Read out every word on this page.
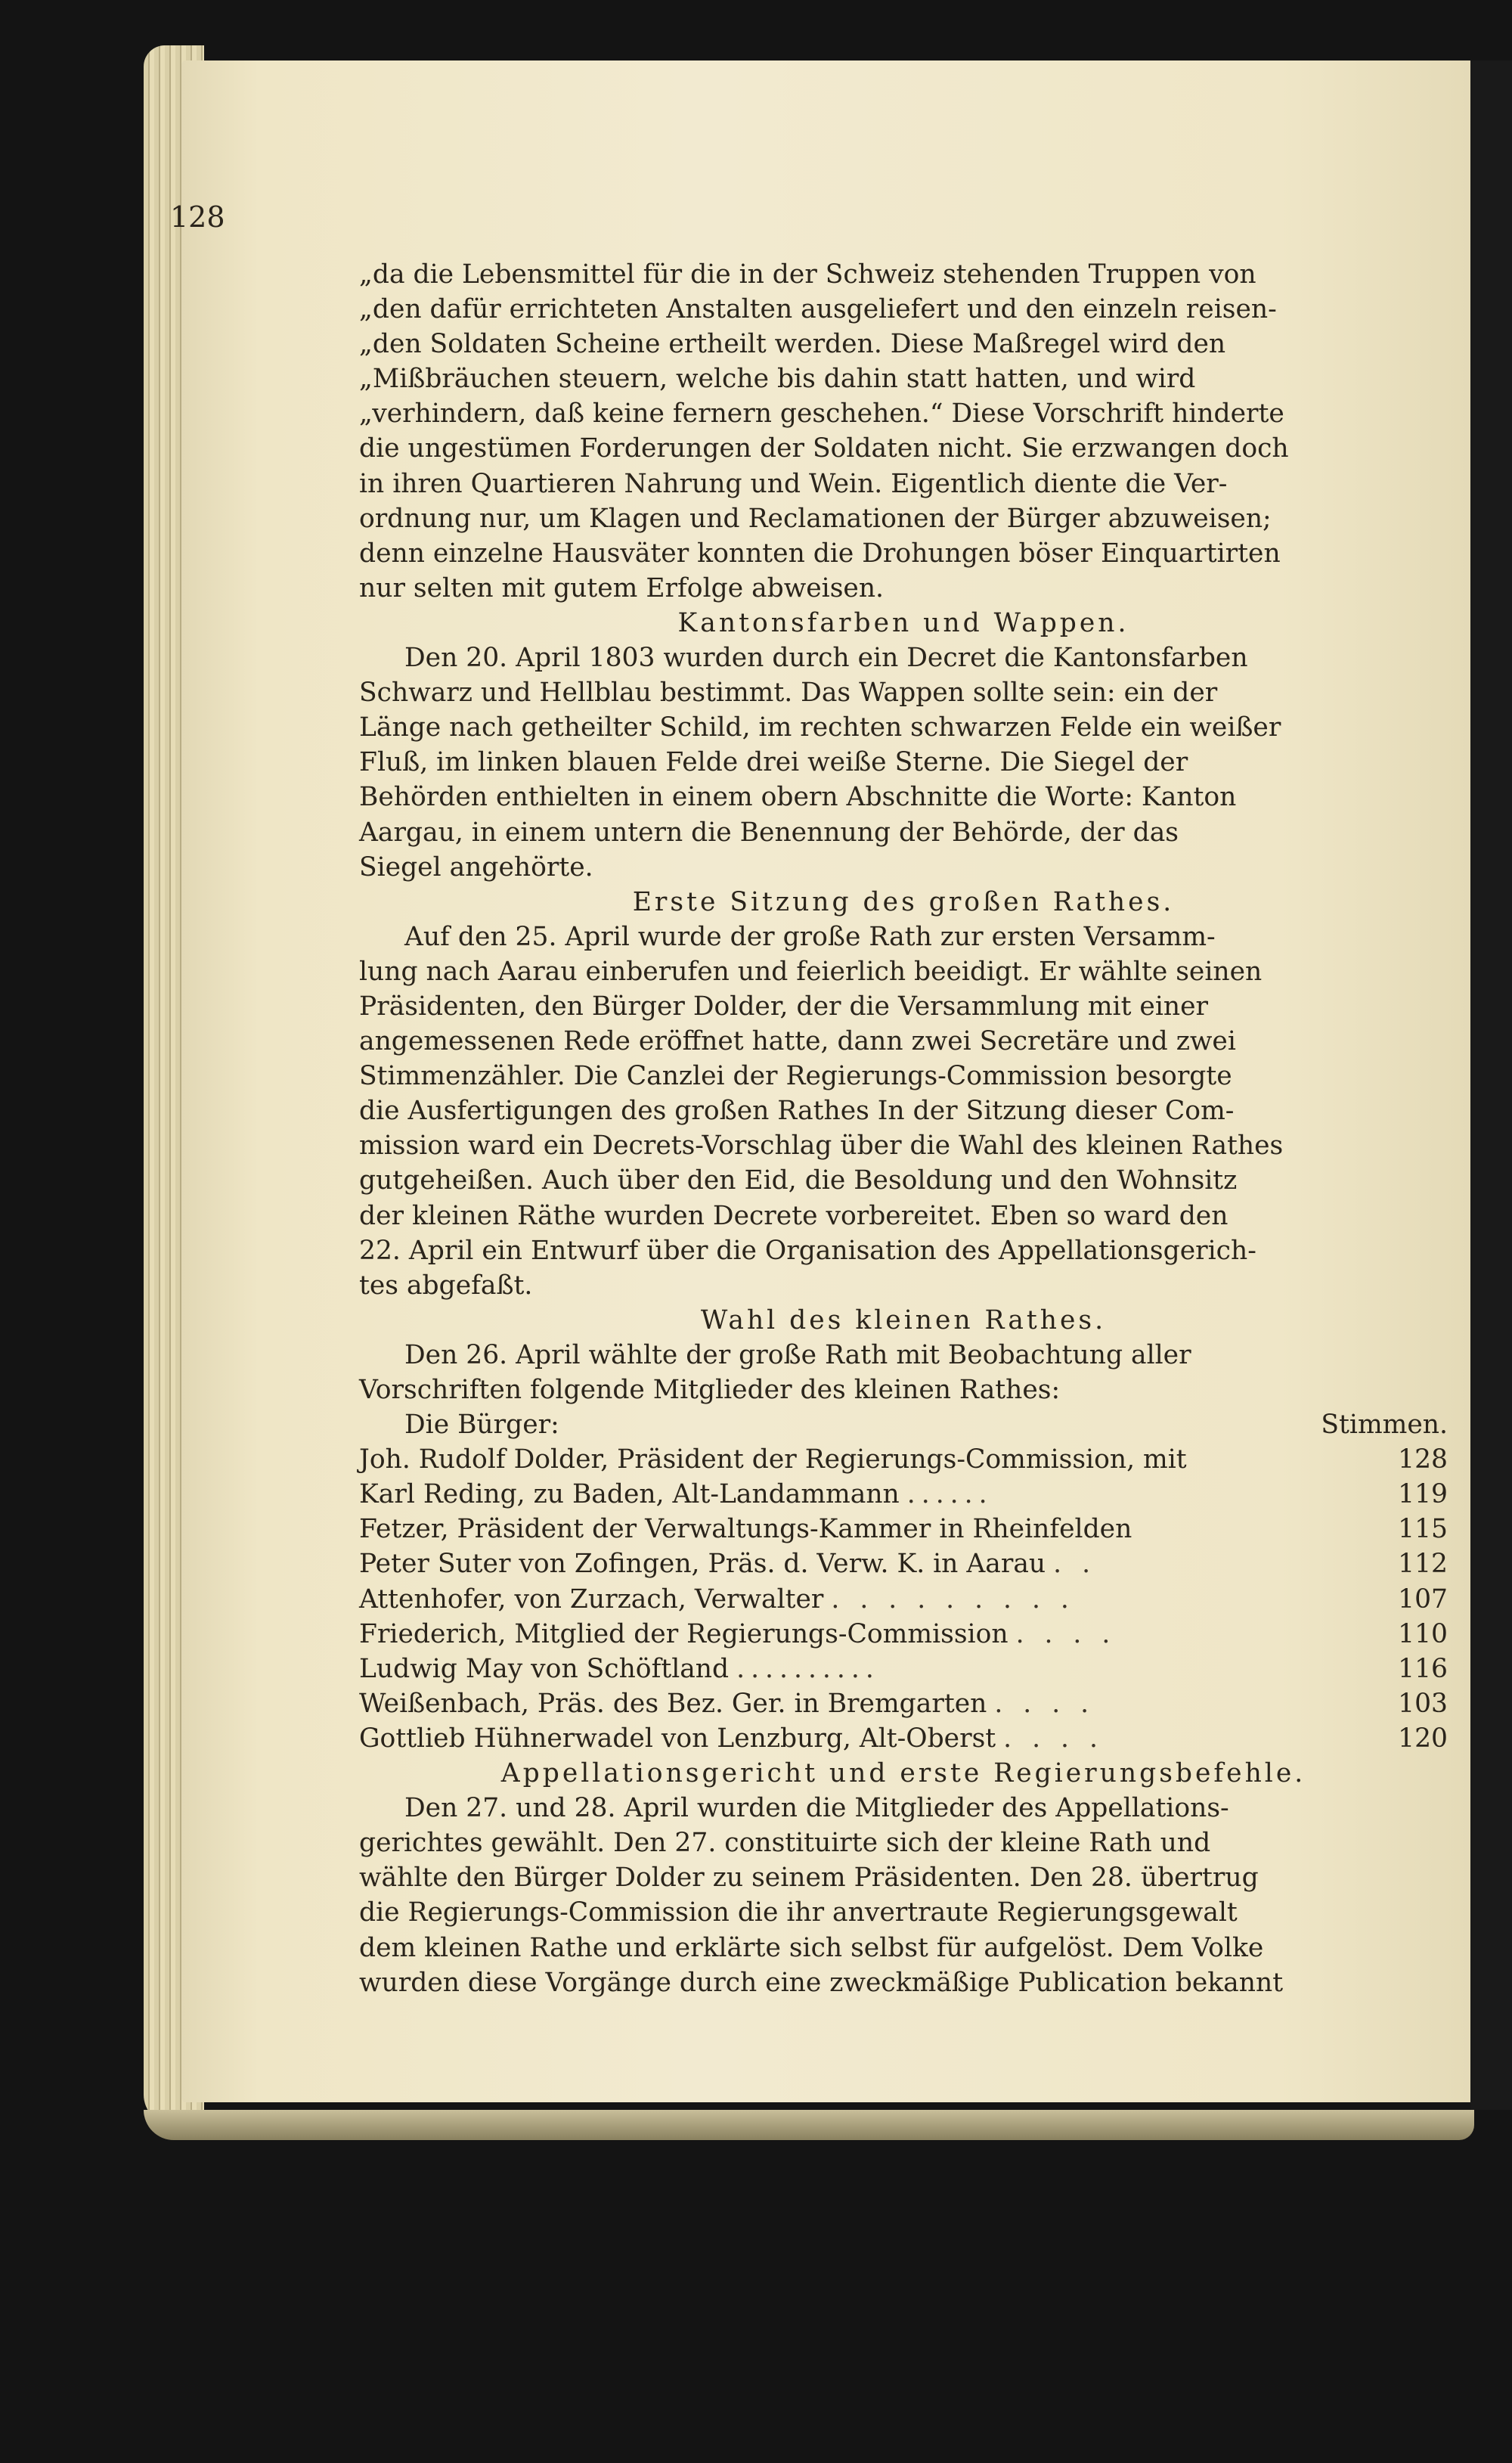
128
„da die Lebensmittel für die in der Schweiz stehenden Truppen von
„den dafür errichteten Anstalten ausgeliefert und den einzeln reisen-
„den Soldaten Scheine ertheilt werden. Diese Maßregel wird den
„Mißbräuchen steuern, welche bis dahin statt hatten, und wird
„verhindern, daß keine fernern geschehen.“ Diese Vorschrift hinderte
die ungestümen Forderungen der Soldaten nicht. Sie erzwangen doch
in ihren Quartieren Nahrung und Wein. Eigentlich diente die Ver-
ordnung nur, um Klagen und Reclamationen der Bürger abzuweisen;
denn einzelne Hausväter konnten die Drohungen böser Einquartirten
nur selten mit gutem Erfolge abweisen.
Kantonsfarben und Wappen.
Den 20. April 1803 wurden durch ein Decret die Kantonsfarben
Schwarz und Hellblau bestimmt. Das Wappen sollte sein: ein der
Länge nach getheilter Schild, im rechten schwarzen Felde ein weißer
Fluß, im linken blauen Felde drei weiße Sterne. Die Siegel der
Behörden enthielten in einem obern Abschnitte die Worte: Kanton
Aargau, in einem untern die Benennung der Behörde, der das
Siegel angehörte.
Erste Sitzung des großen Rathes.
Auf den 25. April wurde der große Rath zur ersten Versamm-
lung nach Aarau einberufen und feierlich beeidigt. Er wählte seinen
Präsidenten, den Bürger Dolder, der die Versammlung mit einer
angemessenen Rede eröffnet hatte, dann zwei Secretäre und zwei
Stimmenzähler. Die Canzlei der Regierungs-Commission besorgte
die Ausfertigungen des großen Rathes In der Sitzung dieser Com-
mission ward ein Decrets-Vorschlag über die Wahl des kleinen Rathes
gutgeheißen. Auch über den Eid, die Besoldung und den Wohnsitz
der kleinen Räthe wurden Decrete vorbereitet. Eben so ward den
22. April ein Entwurf über die Organisation des Appellationsgerich-
tes abgefaßt.
Wahl des kleinen Rathes.
Den 26. April wählte der große Rath mit Beobachtung aller
Vorschriften folgende Mitglieder des kleinen Rathes:
Die Bürger:	Stimmen.
Joh. Rudolf Dolder, Präsident der Regierungs-Commission, mit	128
Karl Reding, zu Baden, Alt-Landammann ......	119
Fetzer, Präsident der Verwaltungs-Kammer in Rheinfelden	115
Peter Suter von Zofingen, Präs. d. Verw. K. in Aarau . .	112
Attenhofer, von Zurzach, Verwalter . . . . . . . . .	107
Friederich, Mitglied der Regierungs-Commission . . . .	110
Ludwig May von Schöftland ..........	116
Weißenbach, Präs. des Bez. Ger. in Bremgarten . . . .	103
Gottlieb Hühnerwadel von Lenzburg, Alt-Oberst . . . .	120
Appellationsgericht und erste Regierungsbefehle.
Den 27. und 28. April wurden die Mitglieder des Appellations-
gerichtes gewählt. Den 27. constituirte sich der kleine Rath und
wählte den Bürger Dolder zu seinem Präsidenten. Den 28. übertrug
die Regierungs-Commission die ihr anvertraute Regierungsgewalt
dem kleinen Rathe und erklärte sich selbst für aufgelöst. Dem Volke
wurden diese Vorgänge durch eine zweckmäßige Publication bekannt
